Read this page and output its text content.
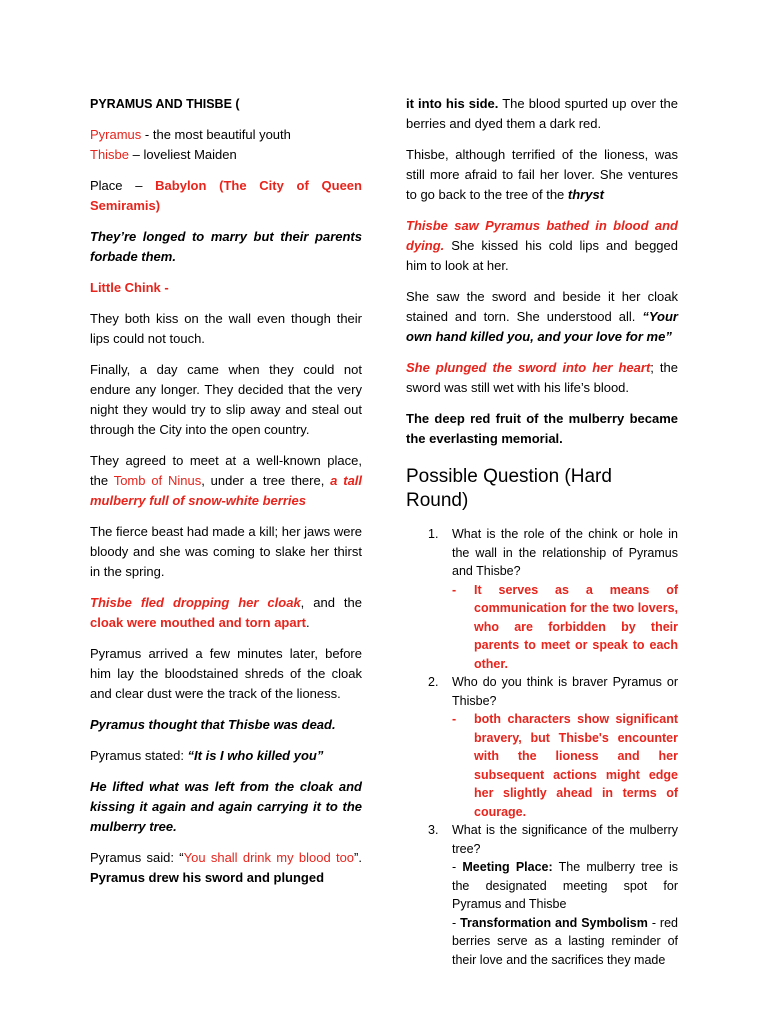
PYRAMUS AND THISBE (

Pyramus - the most beautiful youth
Thisbe – loveliest Maiden

Place – Babylon (The City of Queen Semiramis)

They’re longed to marry but their parents forbade them.

Little Chink -

They both kiss on the wall even though their lips could not touch.

Finally, a day came when they could not endure any longer. They decided that the very night they would try to slip away and steal out through the City into the open country.

They agreed to meet at a well-known place, the Tomb of Ninus, under a tree there, a tall mulberry full of snow-white berries

The fierce beast had made a kill; her jaws were bloody and she was coming to slake her thirst in the spring.

Thisbe fled dropping her cloak, and the cloak were mouthed and torn apart.

Pyramus arrived a few minutes later, before him lay the bloodstained shreds of the cloak and clear dust were the track of the lioness.

Pyramus thought that Thisbe was dead.

Pyramus stated: “It is I who killed you”

He lifted what was left from the cloak and kissing it again and again carrying it to the mulberry tree.

Pyramus said: “You shall drink my blood too”. Pyramus drew his sword and plunged

it into his side. The blood spurted up over the berries and dyed them a dark red.

Thisbe, although terrified of the lioness, was still more afraid to fail her lover. She ventures to go back to the tree of the thryst

Thisbe saw Pyramus bathed in blood and dying. She kissed his cold lips and begged him to look at her.

She saw the sword and beside it her cloak stained and torn. She understood all. “Your own hand killed you, and your love for me”

She plunged the sword into her heart; the sword was still wet with his life’s blood.

The deep red fruit of the mulberry became the everlasting memorial.

Possible Question (Hard Round)
1. What is the role of the chink or hole in the wall in the relationship of Pyramus and Thisbe?
- It serves as a means of communication for the two lovers, who are forbidden by their parents to meet or speak to each other.
2. Who do you think is braver Pyramus or Thisbe?
- both characters show significant bravery, but Thisbe's encounter with the lioness and her subsequent actions might edge her slightly ahead in terms of courage.
3. What is the significance of the mulberry tree?
- Meeting Place: The mulberry tree is the designated meeting spot for Pyramus and Thisbe
- Transformation and Symbolism - red berries serve as a lasting reminder of their love and the sacrifices they made
